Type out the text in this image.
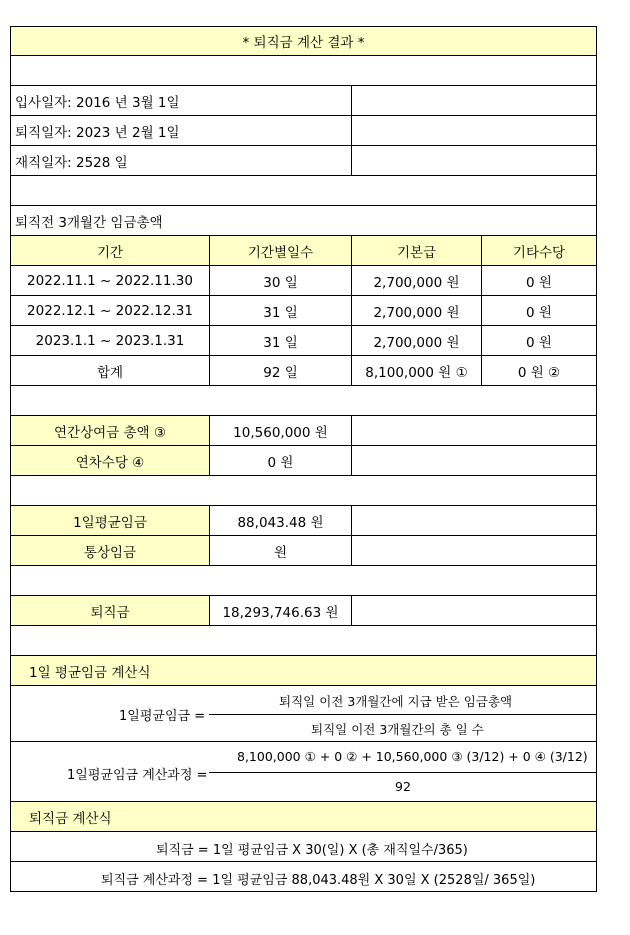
* 퇴직금 계산 결과 *
입사일자: 2016 년 3월 1일
퇴직일자: 2023 년 2월 1일
재직일자: 2528 일
퇴직전 3개월간 임금총액
기간	기간별일수	기본급	기타수당
2022.11.1 ~ 2022.11.30	30 일	2,700,000 원	0 원
2022.12.1 ~ 2022.12.31	31 일	2,700,000 원	0 원
2023.1.1 ~ 2023.1.31	31 일	2,700,000 원	0 원
합계	92 일	8,100,000 원 ①	0 원 ②
연간상여금 총액 ③	10,560,000 원
연차수당 ④	0 원
1일평균임금	88,043.48 원
통상임금	원
퇴직금	18,293,746.63 원
1일 평균임금 계산식
1일평균임금 =
퇴직일 이전 3개월간에 지급 받은 임금총액
퇴직일 이전 3개월간의 총 일 수
1일평균임금 계산과정 =
8,100,000 ① + 0 ② + 10,560,000 ③ (3/12) + 0 ④ (3/12)
92
퇴직금 계산식
퇴직금 = 1일 평균임금 X 30(일) X (총 재직일수/365)
퇴직금 계산과정 = 1일 평균임금 88,043.48원 X 30일 X (2528일/ 365일)
